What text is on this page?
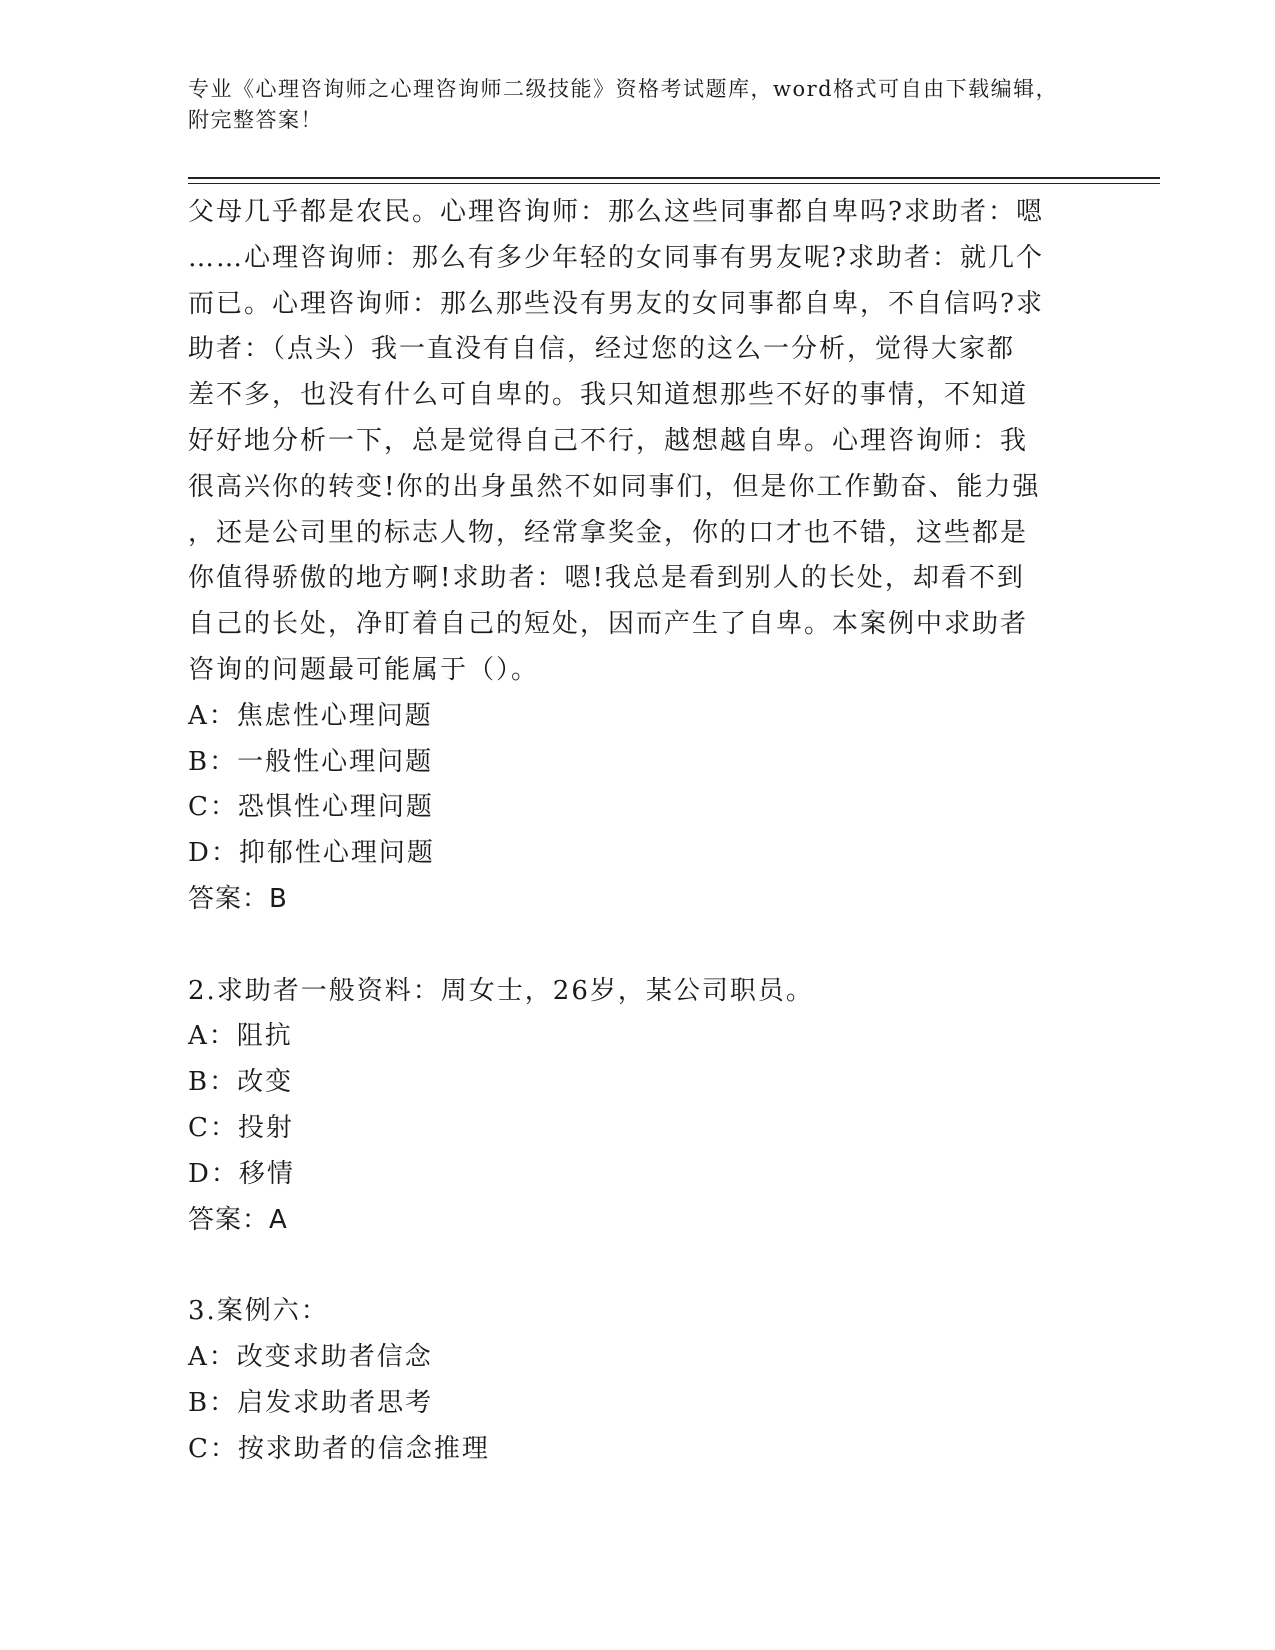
专业《心理咨询师之心理咨询师二级技能》资格考试题库，word格式可自由下载编辑，附完整答案！

父母几乎都是农民。心理咨询师：那么这些同事都自卑吗?求助者：嗯

……心理咨询师：那么有多少年轻的女同事有男友呢?求助者：就几个

而已。心理咨询师：那么那些没有男友的女同事都自卑，不自信吗?求

助者：（点头）我一直没有自信，经过您的这么一分析，觉得大家都

差不多，也没有什么可自卑的。我只知道想那些不好的事情，不知道

好好地分析一下，总是觉得自己不行，越想越自卑。心理咨询师：我

很高兴你的转变!你的出身虽然不如同事们，但是你工作勤奋、能力强

，还是公司里的标志人物，经常拿奖金，你的口才也不错，这些都是

你值得骄傲的地方啊!求助者：嗯!我总是看到别人的长处，却看不到

自己的长处，净盯着自己的短处，因而产生了自卑。本案例中求助者

咨询的问题最可能属于（）。

A：焦虑性心理问题

B：一般性心理问题

C：恐惧性心理问题

D：抑郁性心理问题

答案：B

2.求助者一般资料：周女士，26岁，某公司职员。

A：阻抗

B：改变

C：投射

D：移情

答案：A

3.案例六：

A：改变求助者信念

B：启发求助者思考

C：按求助者的信念推理
